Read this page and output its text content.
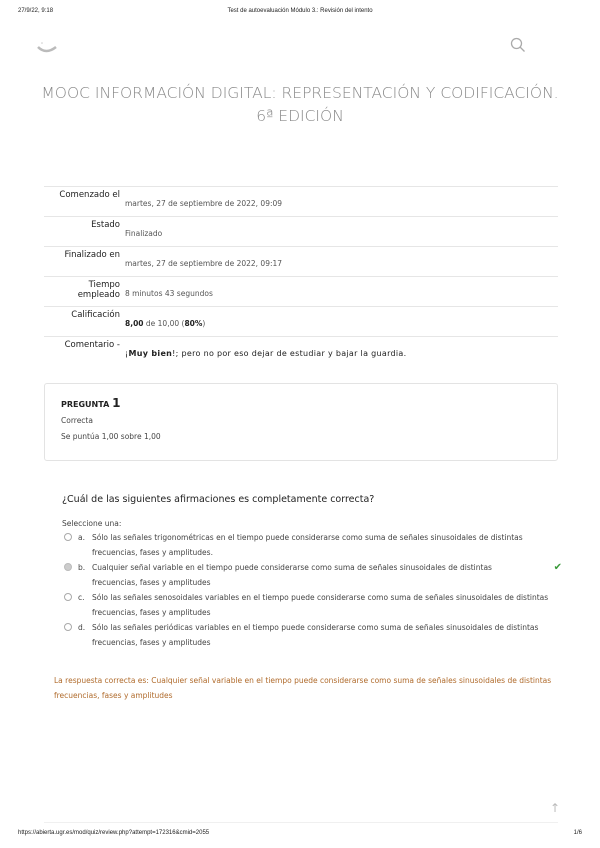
27/9/22, 9:18	Test de autoevaluación Módulo 3.: Revisión del intento
MOOC INFORMACIÓN DIGITAL: REPRESENTACIÓN Y CODIFICACIÓN. 6ª EDICIÓN
Comenzado el
martes, 27 de septiembre de 2022, 09:09
Estado
Finalizado
Finalizado en
martes, 27 de septiembre de 2022, 09:17
Tiempo empleado 8 minutos 43 segundos
Calificación
8,00 de 10,00 (80%)
Comentario -
¡Muy bien!; pero no por eso dejar de estudiar y bajar la guardia.
PREGUNTA 1
Correcta
Se puntúa 1,00 sobre 1,00
¿Cuál de las siguientes afirmaciones es completamente correcta?
Seleccione una:
a. Sólo las señales trigonométricas en el tiempo puede considerarse como suma de señales sinusoidales de distintas frecuencias, fases y amplitudes.
b. Cualquier señal variable en el tiempo puede considerarse como suma de señales sinusoidales de distintas frecuencias, fases y amplitudes
✔
c. Sólo las señales senosoidales variables en el tiempo puede considerarse como suma de señales sinusoidales de distintas frecuencias, fases y amplitudes
d. Sólo las señales periódicas variables en el tiempo puede considerarse como suma de señales sinusoidales de distintas frecuencias, fases y amplitudes
La respuesta correcta es: Cualquier señal variable en el tiempo puede considerarse como suma de señales sinusoidales de distintas frecuencias, fases y amplitudes
↑
https://abierta.ugr.es/mod/quiz/review.php?attempt=172316&cmid=2055	1/6
